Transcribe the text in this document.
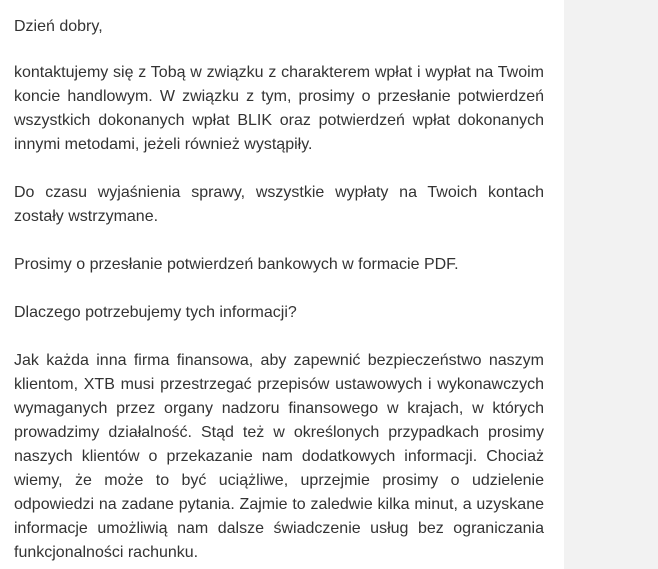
Dzień dobry,

kontaktujemy się z Tobą w związku z charakterem wpłat i wypłat na Twoim koncie handlowym. W związku z tym, prosimy o przesłanie potwierdzeń wszystkich dokonanych wpłat BLIK oraz potwierdzeń wpłat dokonanych innymi metodami, jeżeli również wystąpiły.

Do czasu wyjaśnienia sprawy, wszystkie wypłaty na Twoich kontach zostały wstrzymane.

Prosimy o przesłanie potwierdzeń bankowych w formacie PDF.

Dlaczego potrzebujemy tych informacji?

Jak każda inna firma finansowa, aby zapewnić bezpieczeństwo naszym klientom, XTB musi przestrzegać przepisów ustawowych i wykonawczych wymaganych przez organy nadzoru finansowego w krajach, w których prowadzimy działalność. Stąd też w określonych przypadkach prosimy naszych klientów o przekazanie nam dodatkowych informacji. Chociaż wiemy, że może to być uciążliwe, uprzejmie prosimy o udzielenie odpowiedzi na zadane pytania. Zajmie to zaledwie kilka minut, a uzyskane informacje umożliwią nam dalsze świadczenie usług bez ograniczania funkcjonalności rachunku.
